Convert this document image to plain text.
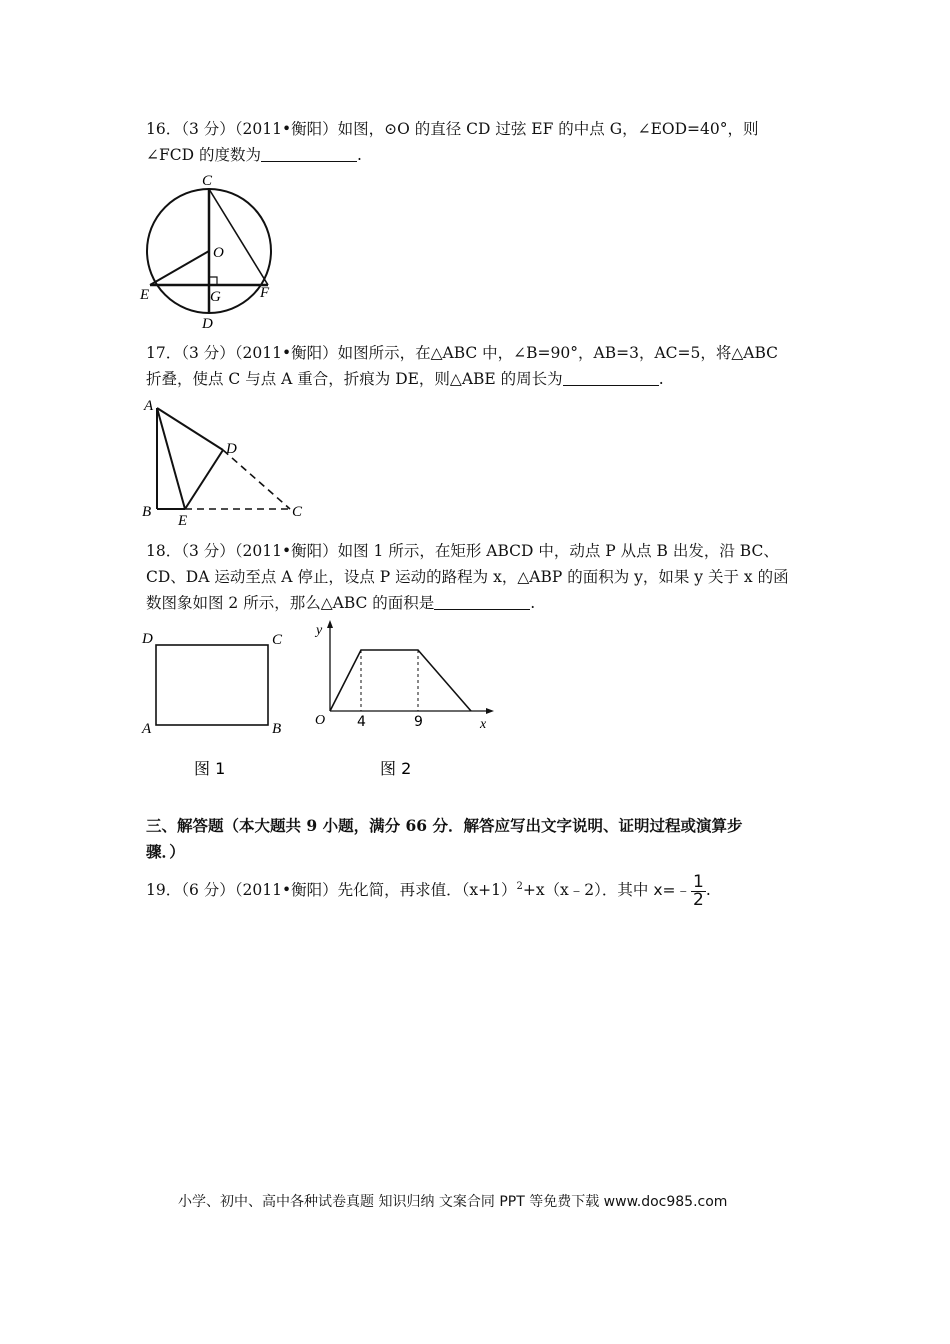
16．（3 分）（2011•衡阳）如图，⊙O 的直径 CD 过弦 EF 的中点 G，∠EOD=40°，则
∠FCD 的度数为	.
C
O
E	G	F
D
17．（3 分）（2011•衡阳）如图所示，在△ABC 中，∠B=90°，AB=3，AC=5，将△ABC
折叠，使点 C 与点 A 重合，折痕为 DE，则△ABE 的周长为	.
A
D
B
E
C
18．（3 分）（2011•衡阳）如图 1 所示，在矩形 ABCD 中，动点 P 从点 B 出发，沿 BC、
CD、DA 运动至点 A 停止，设点 P 运动的路程为 x，△ABP 的面积为 y，如果 y 关于 x 的函
数图象如图 2 所示，那么△ABC 的面积是	.
D	C
A	B
图 1
y
O 4	9	x
图 2
三、解答题（本大题共 9 小题，满分 66 分．解答应写出文字说明、证明过程或演算步
骤．）
19．（6 分）（2011•衡阳）先化简，再求值．$(x+1)^2+x(x﹣2)$．其中 x=﹣ $\frac{1}{2}$ .
小学、初中、高中各种试卷真题 知识归纳 文案合同 PPT 等免费下载 www.doc985.com
